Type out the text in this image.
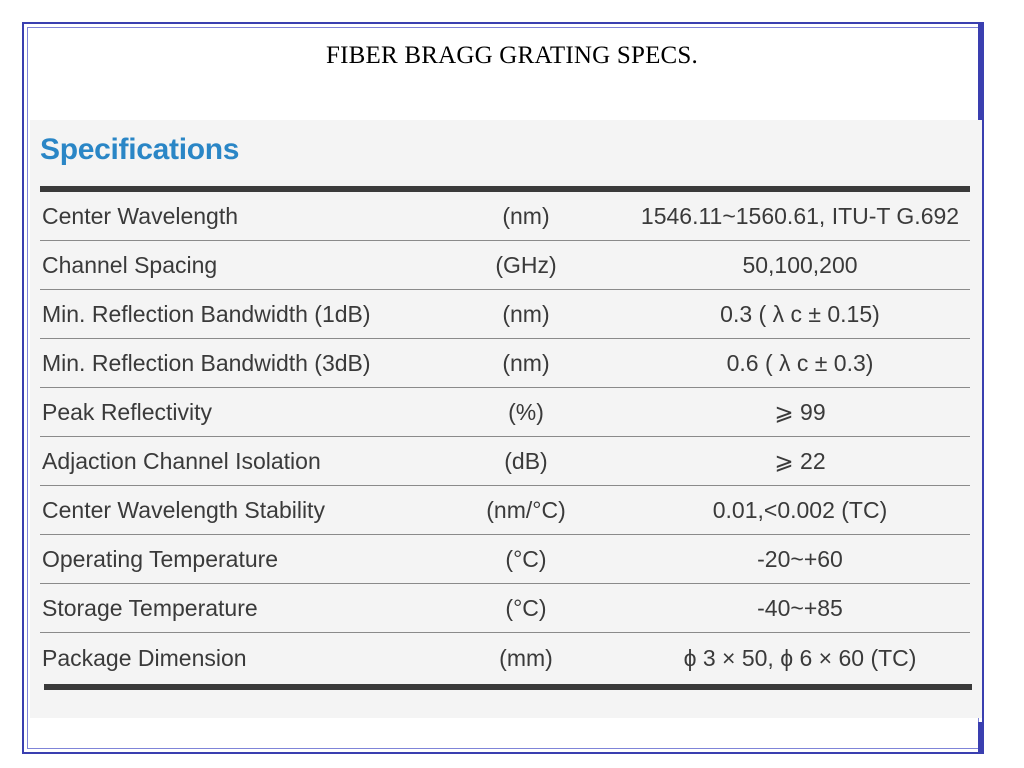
FIBER BRAGG GRATING SPECS.
Specifications
Center Wavelength	(nm)	1546.11~1560.61, ITU-T G.692
Channel Spacing	(GHz)	50,100,200
Min. Reflection Bandwidth (1dB)	(nm)	0.3 ( λ c ± 0.15)
Min. Reflection Bandwidth (3dB)	(nm)	0.6 ( λ c ± 0.3)
Peak Reflectivity	(%)	⩾ 99
Adjaction Channel Isolation	(dB)	⩾ 22
Center Wavelength Stability	(nm/°C)	0.01,<0.002 (TC)
Operating Temperature	(°C)	-20~+60
Storage Temperature	(°C)	-40~+85
Package Dimension	(mm)	ϕ 3 × 50, ϕ 6 × 60 (TC)
